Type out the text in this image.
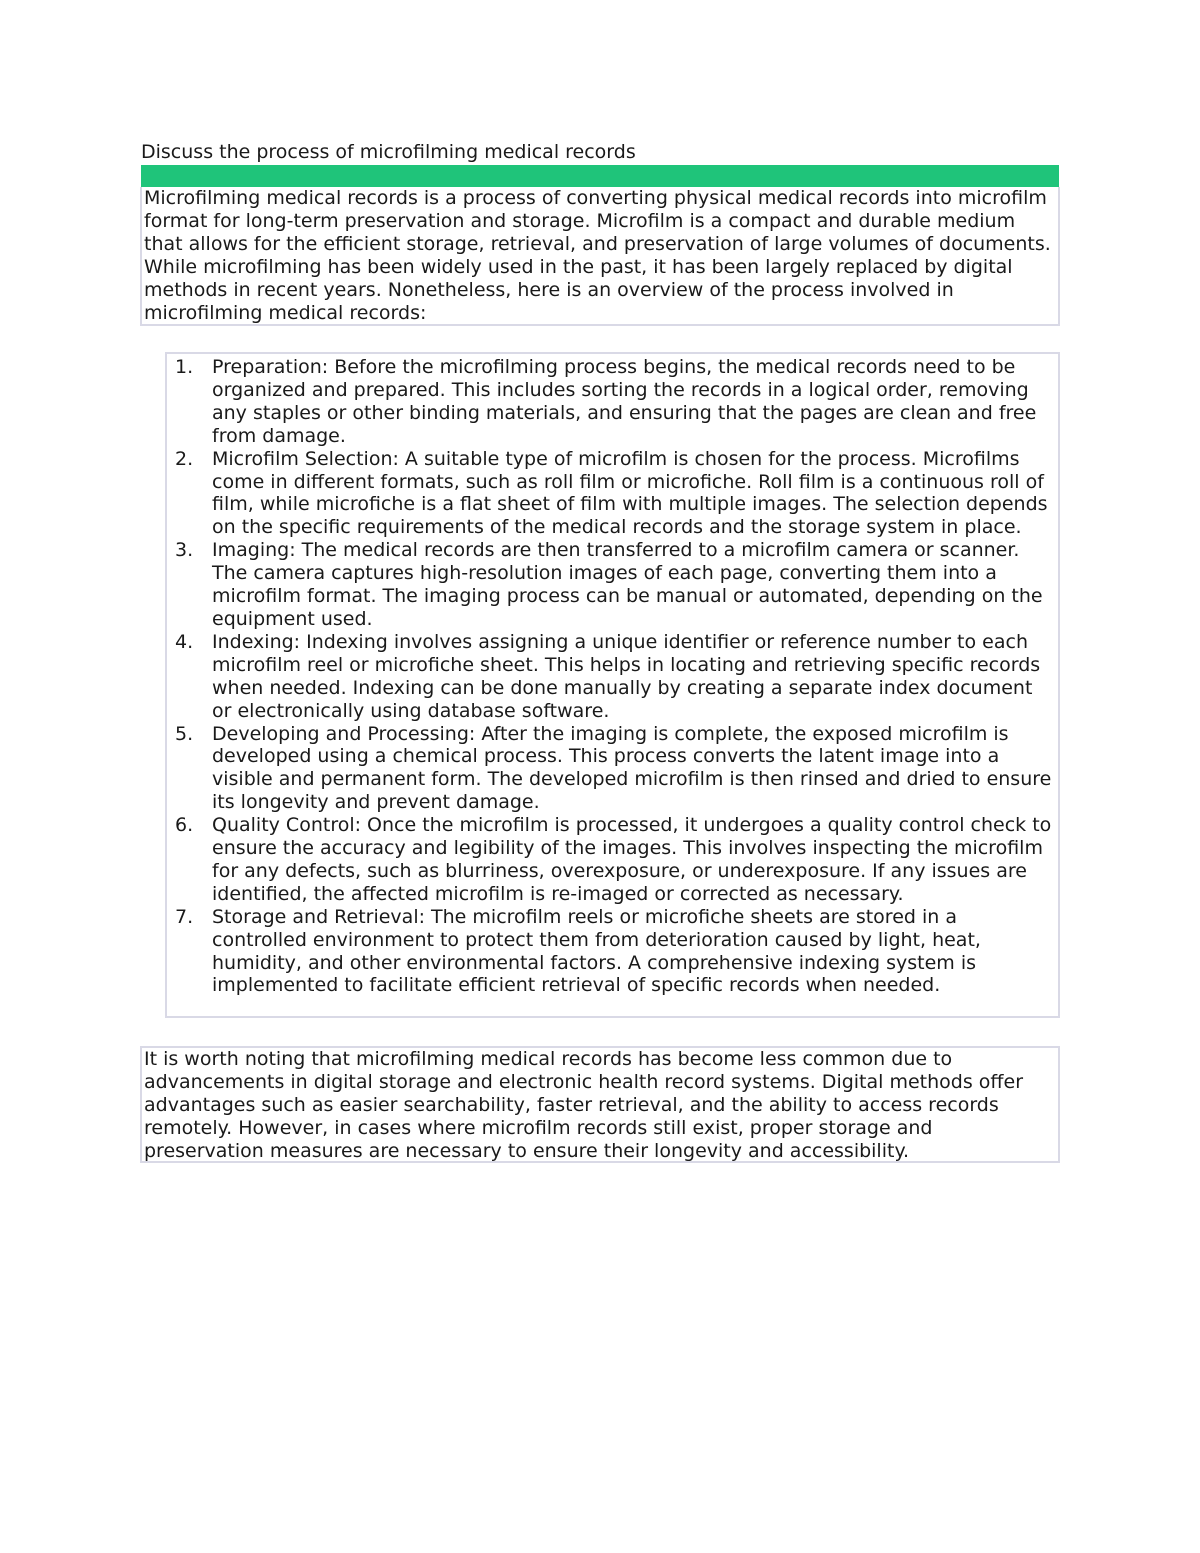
Discuss the process of microfilming medical records

Microfilming medical records is a process of converting physical medical records into microfilm format for long-term preservation and storage. Microfilm is a compact and durable medium that allows for the efficient storage, retrieval, and preservation of large volumes of documents. While microfilming has been widely used in the past, it has been largely replaced by digital methods in recent years. Nonetheless, here is an overview of the process involved in microfilming medical records:

1. Preparation: Before the microfilming process begins, the medical records need to be organized and prepared. This includes sorting the records in a logical order, removing any staples or other binding materials, and ensuring that the pages are clean and free from damage.
2. Microfilm Selection: A suitable type of microfilm is chosen for the process. Microfilms come in different formats, such as roll film or microfiche. Roll film is a continuous roll of film, while microfiche is a flat sheet of film with multiple images. The selection depends on the specific requirements of the medical records and the storage system in place.
3. Imaging: The medical records are then transferred to a microfilm camera or scanner. The camera captures high-resolution images of each page, converting them into a microfilm format. The imaging process can be manual or automated, depending on the equipment used.
4. Indexing: Indexing involves assigning a unique identifier or reference number to each microfilm reel or microfiche sheet. This helps in locating and retrieving specific records when needed. Indexing can be done manually by creating a separate index document or electronically using database software.
5. Developing and Processing: After the imaging is complete, the exposed microfilm is developed using a chemical process. This process converts the latent image into a visible and permanent form. The developed microfilm is then rinsed and dried to ensure its longevity and prevent damage.
6. Quality Control: Once the microfilm is processed, it undergoes a quality control check to ensure the accuracy and legibility of the images. This involves inspecting the microfilm for any defects, such as blurriness, overexposure, or underexposure. If any issues are identified, the affected microfilm is re-imaged or corrected as necessary.
7. Storage and Retrieval: The microfilm reels or microfiche sheets are stored in a controlled environment to protect them from deterioration caused by light, heat, humidity, and other environmental factors. A comprehensive indexing system is implemented to facilitate efficient retrieval of specific records when needed.

It is worth noting that microfilming medical records has become less common due to advancements in digital storage and electronic health record systems. Digital methods offer advantages such as easier searchability, faster retrieval, and the ability to access records remotely. However, in cases where microfilm records still exist, proper storage and preservation measures are necessary to ensure their longevity and accessibility.
